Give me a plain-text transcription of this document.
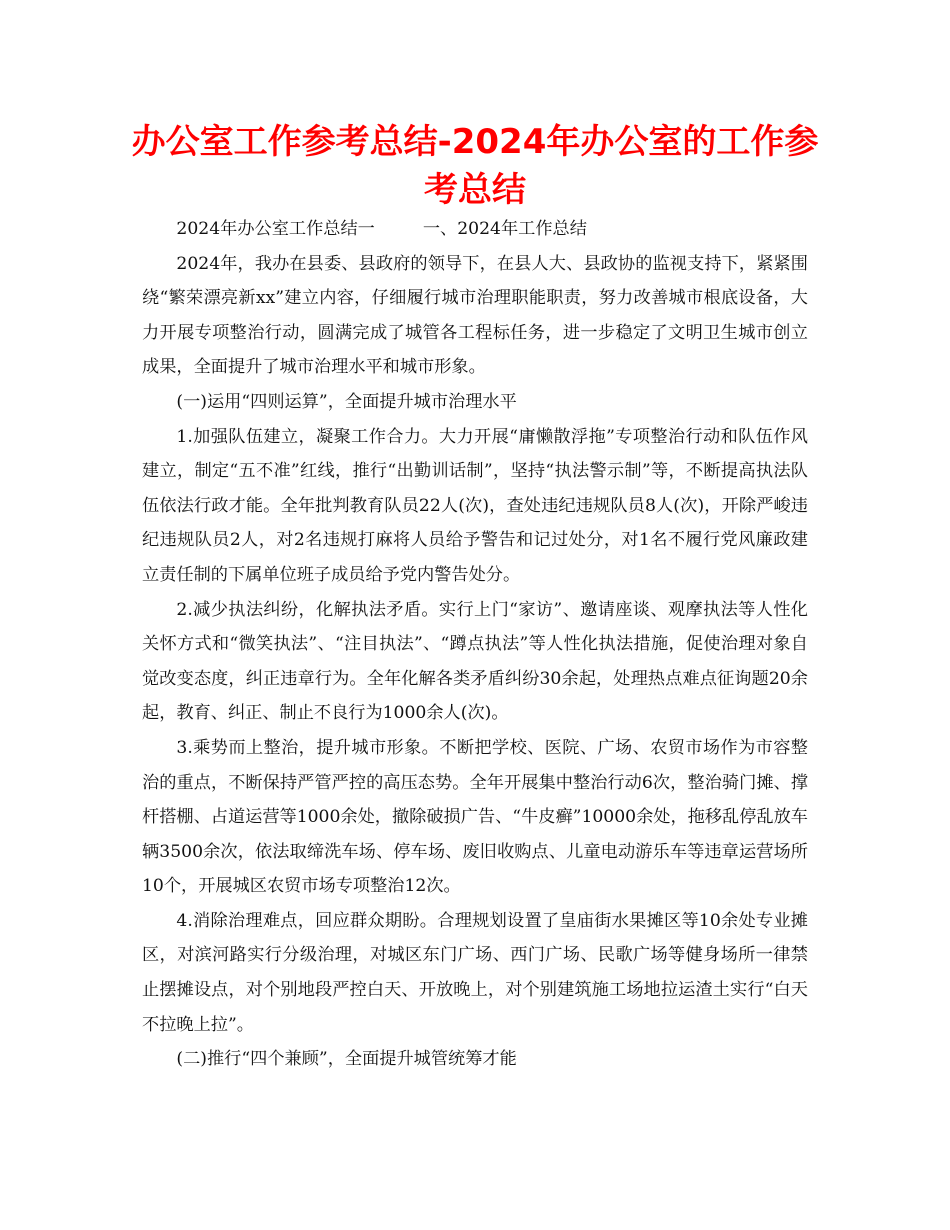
办公室工作参考总结-2024年办公室的工作参考总结

2024年办公室工作总结一	一、2024年工作总结

2024年，我办在县委、县政府的领导下，在县人大、县政协的监视支持下，紧紧围绕“繁荣漂亮新xx”建立内容，仔细履行城市治理职能职责，努力改善城市根底设备，大力开展专项整治行动，圆满完成了城管各工程标任务，进一步稳定了文明卫生城市创立成果，全面提升了城市治理水平和城市形象。

(一)运用“四则运算”，全面提升城市治理水平

1.加强队伍建立，凝聚工作合力。大力开展“庸懒散浮拖”专项整治行动和队伍作风建立，制定“五不准”红线，推行“出勤训话制”，坚持“执法警示制”等，不断提高执法队伍依法行政才能。全年批判教育队员22人(次)，查处违纪违规队员8人(次)，开除严峻违纪违规队员2人，对2名违规打麻将人员给予警告和记过处分，对1名不履行党风廉政建立责任制的下属单位班子成员给予党内警告处分。

2.减少执法纠纷，化解执法矛盾。实行上门“家访”、邀请座谈、观摩执法等人性化关怀方式和“微笑执法”、“注目执法”、“蹲点执法”等人性化执法措施，促使治理对象自觉改变态度，纠正违章行为。全年化解各类矛盾纠纷30余起，处理热点难点征询题20余起，教育、纠正、制止不良行为1000余人(次)。

3.乘势而上整治，提升城市形象。不断把学校、医院、广场、农贸市场作为市容整治的重点，不断保持严管严控的高压态势。全年开展集中整治行动6次，整治骑门摊、撑杆搭棚、占道运营等1000余处，撤除破损广告、“牛皮癣”10000余处，拖移乱停乱放车辆3500余次，依法取缔洗车场、停车场、废旧收购点、儿童电动游乐车等违章运营场所10个，开展城区农贸市场专项整治12次。

4.消除治理难点，回应群众期盼。合理规划设置了皇庙街水果摊区等10余处专业摊区，对滨河路实行分级治理，对城区东门广场、西门广场、民歌广场等健身场所一律禁止摆摊设点，对个别地段严控白天、开放晚上，对个别建筑施工场地拉运渣土实行“白天不拉晚上拉”。

(二)推行“四个兼顾”，全面提升城管统筹才能
